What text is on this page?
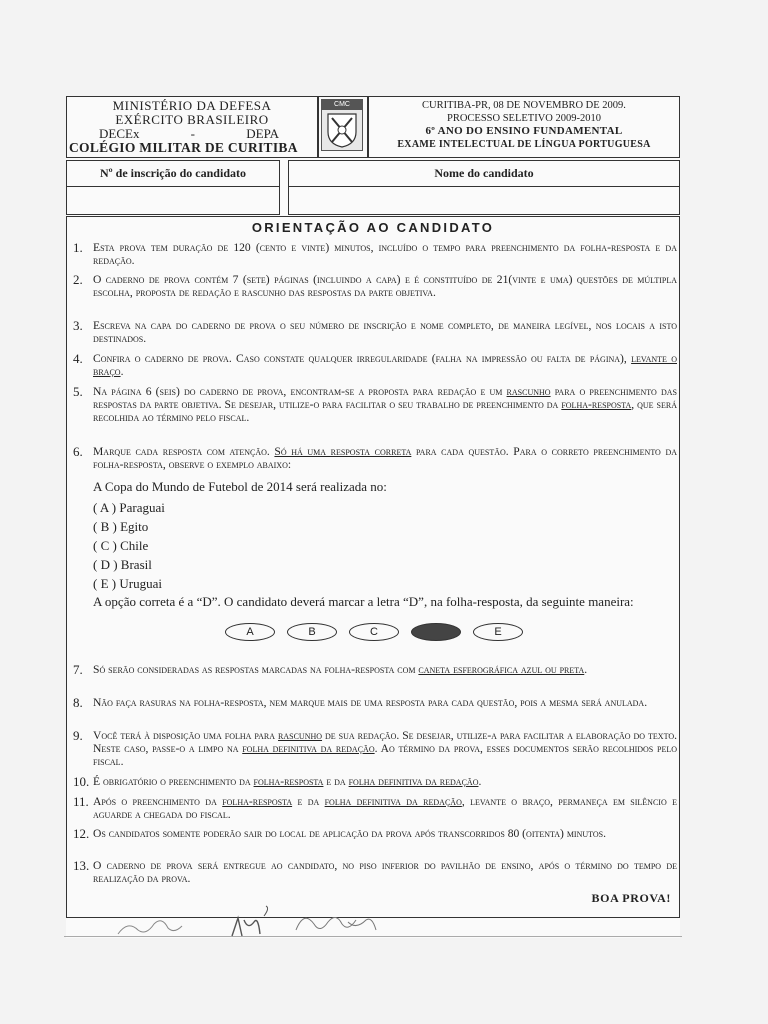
MINISTÉRIO DA DEFESA
EXÉRCITO BRASILEIRO
DECEx	-	DEPA
COLÉGIO MILITAR DE CURITIBA
CMC	CURITIBA-PR, 08 DE NOVEMBRO DE 2009.
PROCESSO SELETIVO 2009-2010
6º ANO DO ENSINO FUNDAMENTAL
EXAME INTELECTUAL DE LÍNGUA PORTUGUESA
Nº de inscrição do candidato	Nome do candidato
ORIENTAÇÃO AO CANDIDATO
1. Esta prova tem duração de 120 (cento e vinte) minutos, incluído o tempo para preenchimento da folha-resposta e da redação.
2. O caderno de prova contém 7 (sete) páginas (incluindo a capa) e é constituído de 21(vinte e uma) questões de múltipla escolha, proposta de redação e rascunho das respostas da parte objetiva.
3. Escreva na capa do caderno de prova o seu número de inscrição e nome completo, de maneira legível, nos locais a isto destinados.
4. Confira o caderno de prova. Caso constate qualquer irregularidade (falha na impressão ou falta de página), levante o braço.
5. Na página 6 (seis) do caderno de prova, encontram-se a proposta para redação e um rascunho para o preenchimento das respostas da parte objetiva. Se desejar, utilize-o para facilitar o seu trabalho de preenchimento da folha-resposta, que será recolhida ao término pelo fiscal.
6. Marque cada resposta com atenção. Só há uma resposta correta para cada questão. Para o correto preenchimento da folha-resposta, observe o exemplo abaixo:
A Copa do Mundo de Futebol de 2014 será realizada no:
( A ) Paraguai
( B ) Egito
( C ) Chile
( D ) Brasil
( E ) Uruguai
A opção correta é a “D”. O candidato deverá marcar a letra “D”, na folha-resposta, da seguinte maneira:
A	B	C	E
7. Só serão consideradas as respostas marcadas na folha-resposta com caneta esferográfica azul ou preta.
8. Não faça rasuras na folha-resposta, nem marque mais de uma resposta para cada questão, pois a mesma será anulada.
9. Você terá à disposição uma folha para rascunho de sua redação. Se desejar, utilize-a para facilitar a elaboração do texto. Neste caso, passe-o a limpo na folha definitiva da redação. Ao término da prova, esses documentos serão recolhidos pelo fiscal.
10. É obrigatório o preenchimento da folha-resposta e da folha definitiva da redação.
11. Após o preenchimento da folha-resposta e da folha definitiva da redação, levante o braço, permaneça em silêncio e aguarde a chegada do fiscal.
12. Os candidatos somente poderão sair do local de aplicação da prova após transcorridos 80 (oitenta) minutos.
13. O caderno de prova será entregue ao candidato, no piso inferior do pavilhão de ensino, após o término do tempo de realização da prova.
BOA PROVA!
